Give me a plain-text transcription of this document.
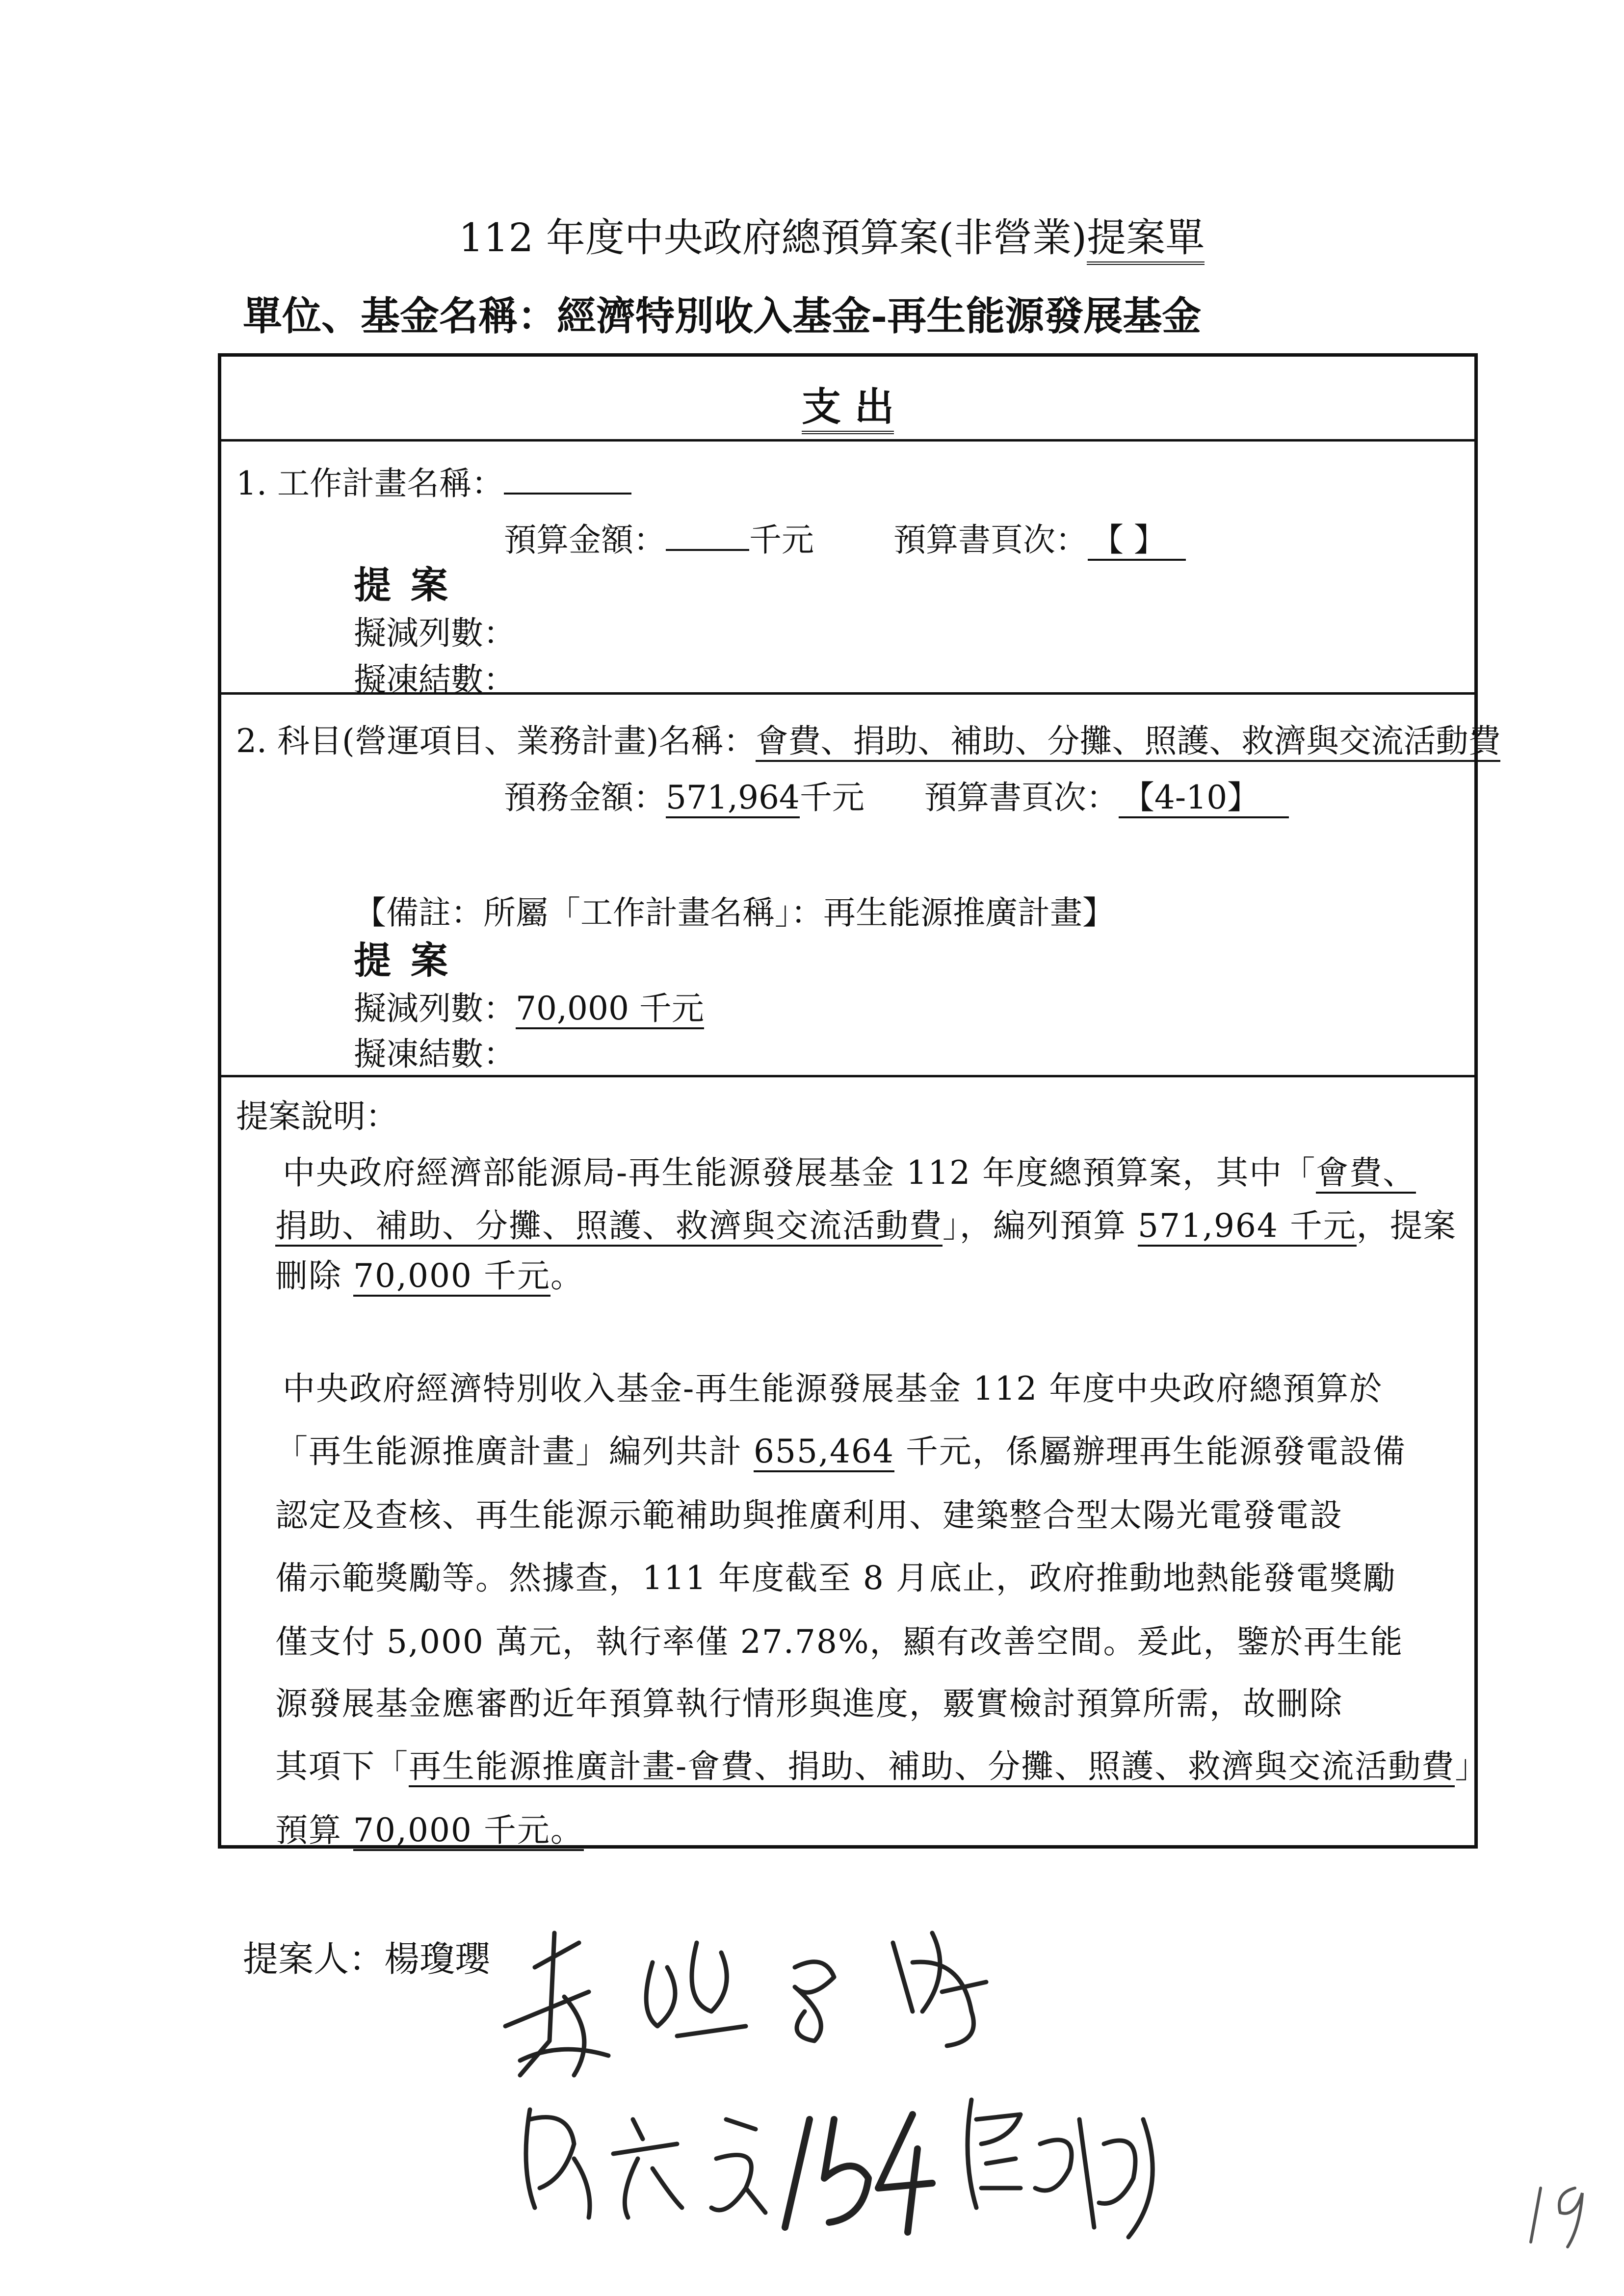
112 年度中央政府總預算案(非營業)提案單
單位、基金名稱：經濟特別收入基金-再生能源發展基金
支 出
1. 工作計畫名稱：
預算金額：	千元 預算書頁次： 【 】
提案
擬減列數：
擬凍結數：
2. 科目(營運項目、業務計畫)名稱：會費、捐助、補助、分攤、照護、救濟與交流活動費
預務金額：571,964千元 預算書頁次： 【4-10】
【備註：所屬「工作計畫名稱」：再生能源推廣計畫】
提案
擬減列數：70,000 千元
擬凍結數：
提案說明：
中央政府經濟部能源局-再生能源發展基金 112 年度總預算案，其中「會費、
捐助、補助、分攤、照護、救濟與交流活動費」，編列預算 571,964 千元，提案
刪除 70,000 千元。
中央政府經濟特別收入基金-再生能源發展基金 112 年度中央政府總預算於
「再生能源推廣計畫」編列共計 655,464 千元，係屬辦理再生能源發電設備
認定及查核、再生能源示範補助與推廣利用、建築整合型太陽光電發電設
備示範獎勵等。然據查，111 年度截至 8 月底止，政府推動地熱能發電獎勵
僅支付 5,000 萬元，執行率僅 27.78%，顯有改善空間。爰此，鑒於再生能
源發展基金應審酌近年預算執行情形與進度，覈實檢討預算所需，故刪除
其項下「再生能源推廣計畫-會費、捐助、補助、分攤、照護、救濟與交流活動費」
預算 70,000 千元。
提案人：楊瓊瓔
